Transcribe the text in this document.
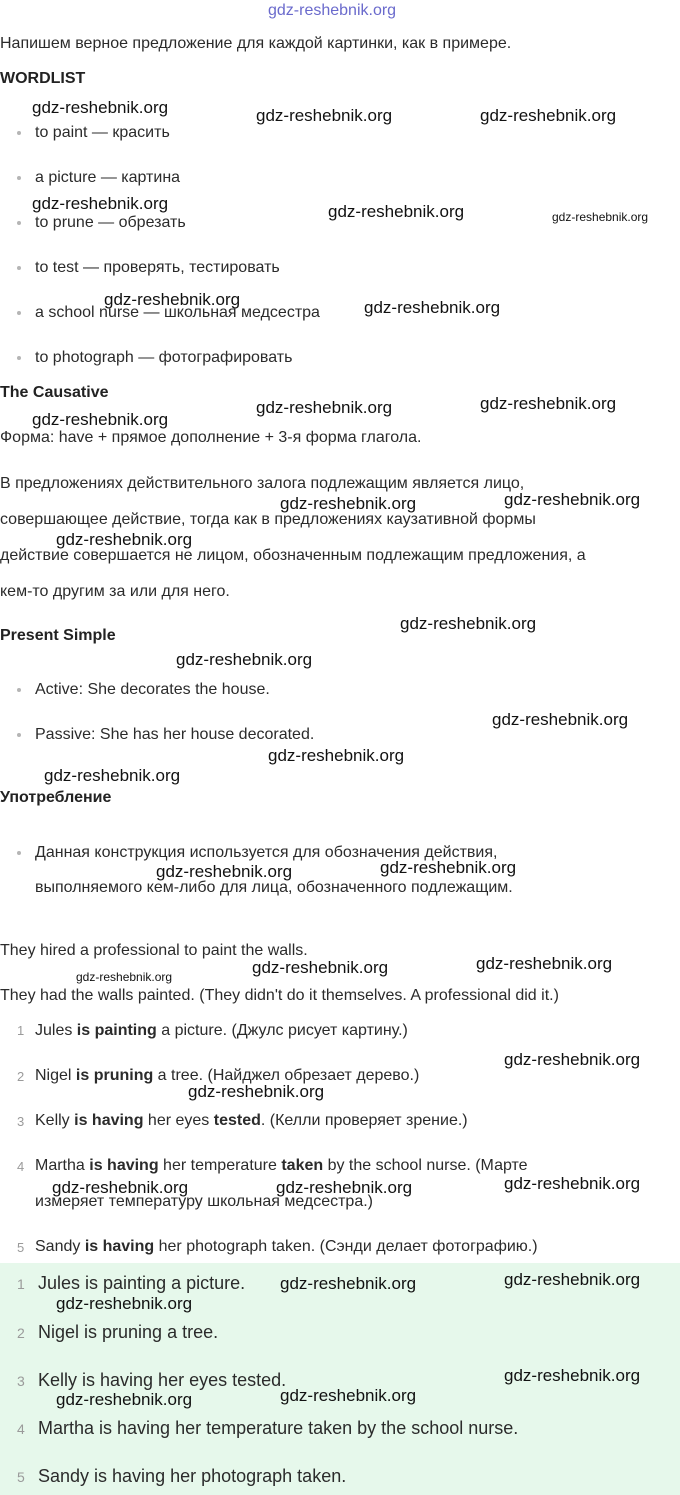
gdz-reshebnik.org
Напишем верное предложение для каждой картинки, как в примере.
WORDLIST
to paint — красить
a picture — картина
to prune — обрезать
to test — проверять, тестировать
a school nurse — школьная медсестра
to photograph — фотографировать
The Causative
Форма: have + прямое дополнение + 3-я форма глагола.
В предложениях действительного залога подлежащим является лицо,
совершающее действие, тогда как в предложениях каузативной формы
действие совершается не лицом, обозначенным подлежащим предложения, а
кем-то другим за или для него.
Present Simple
Active: She decorates the house.
Passive: She has her house decorated.
Употребление
Данная конструкция используется для обозначения действия,
выполняемого кем-либо для лица, обозначенного подлежащим.
They hired a professional to paint the walls.
They had the walls painted. (They didn't do it themselves. A professional did it.)
1 Jules is painting a picture. (Джулс рисует картину.)
2 Nigel is pruning a tree. (Найджел обрезает дерево.)
3 Kelly is having her eyes tested. (Келли проверяет зрение.)
4 Martha is having her temperature taken by the school nurse. (Марте
измеряет температуру школьная медсестра.)
5 Sandy is having her photograph taken. (Сэнди делает фотографию.)
1 Jules is painting a picture.
2 Nigel is pruning a tree.
3 Kelly is having her eyes tested.
4 Martha is having her temperature taken by the school nurse.
5 Sandy is having her photograph taken.
gdz-reshebnik.org	gdz-reshebnik.org	gdz-reshebnik.org
gdz-reshebnik.org	gdz-reshebnik.org	gdz-reshebnik.org
gdz-reshebnik.org	gdz-reshebnik.org
gdz-reshebnik.org
gdz-reshebnik.org	gdz-reshebnik.org
gdz-reshebnik.org	gdz-reshebnik.org
gdz-reshebnik.org
gdz-reshebnik.org
gdz-reshebnik.org
gdz-reshebnik.org
gdz-reshebnik.org
gdz-reshebnik.org
gdz-reshebnik.org
gdz-reshebnik.org
gdz-reshebnik.org	gdz-reshebnik.org	gdz-reshebnik.org
gdz-reshebnik.org
gdz-reshebnik.org
gdz-reshebnik.org	gdz-reshebnik.org	gdz-reshebnik.org
gdz-reshebnik.org	gdz-reshebnik.org
gdz-reshebnik.org
gdz-reshebnik.org
gdz-reshebnik.org
gdz-reshebnik.org
